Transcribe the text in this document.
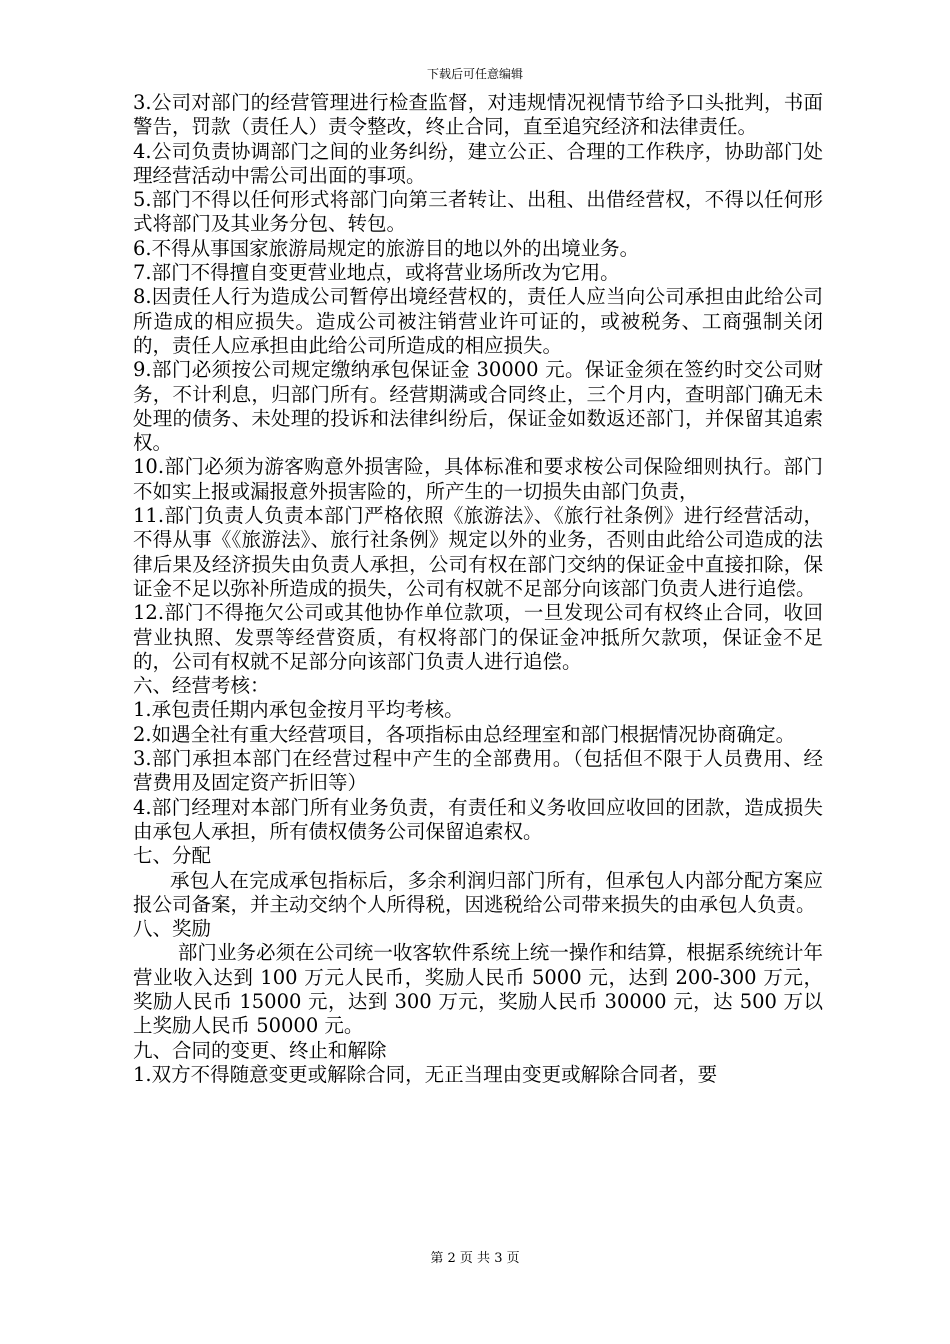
下载后可任意编辑

3.公司对部门的经营管理进行检查监督，对违规情况视情节给予口头批判，书面警告，罚款（责任人）责令整改，终止合同，直至追究经济和法律责任。

4.公司负责协调部门之间的业务纠纷，建立公正、合理的工作秩序，协助部门处理经营活动中需公司出面的事项。

5.部门不得以任何形式将部门向第三者转让、出租、出借经营权，不得以任何形式将部门及其业务分包、转包。

6.不得从事国家旅游局规定的旅游目的地以外的出境业务。

7.部门不得擅自变更营业地点，或将营业场所改为它用。

8.因责任人行为造成公司暂停出境经营权的，责任人应当向公司承担由此给公司所造成的相应损失。造成公司被注销营业许可证的，或被税务、工商强制关闭的，责任人应承担由此给公司所造成的相应损失。

9.部门必须按公司规定缴纳承包保证金 30000 元。保证金须在签约时交公司财务，不计利息，归部门所有。经营期满或合同终止，三个月内，查明部门确无未处理的债务、未处理的投诉和法律纠纷后，保证金如数返还部门，并保留其追索权。

10.部门必须为游客购意外损害险，具体标准和要求桉公司保险细则执行。部门不如实上报或漏报意外损害险的，所产生的一切损失由部门负责，

11.部门负责人负责本部门严格依照《旅游法》、《旅行社条例》进行经营活动，不得从事《《旅游法》、旅行社条例》规定以外的业务，否则由此给公司造成的法律后果及经济损失由负责人承担，公司有权在部门交纳的保证金中直接扣除，保证金不足以弥补所造成的损失，公司有权就不足部分向该部门负责人进行追偿。

12.部门不得拖欠公司或其他协作单位款项，一旦发现公司有权终止合同，收回营业执照、发票等经营资质，有权将部门的保证金冲抵所欠款项，保证金不足的，公司有权就不足部分向该部门负责人进行追偿。

六、经营考核：

1.承包责任期内承包金按月平均考核。

2.如遇全社有重大经营项目，各项指标由总经理室和部门根据情况协商确定。

3.部门承担本部门在经营过程中产生的全部费用。（包括但不限于人员费用、经营费用及固定资产折旧等）

4.部门经理对本部门所有业务负责，有责任和义务收回应收回的团款，造成损失由承包人承担，所有债权债务公司保留追索权。

七、分配

承包人在完成承包指标后，多余利润归部门所有，但承包人内部分配方案应报公司备案，并主动交纳个人所得税，因逃税给公司带来损失的由承包人负责。

八、奖励

部门业务必须在公司统一收客软件系统上统一操作和结算，根据系统统计年营业收入达到 100 万元人民币，奖励人民币 5000 元，达到 200-300 万元，奖励人民币 15000 元，达到 300 万元，奖励人民币 30000 元，达 500 万以上奖励人民币 50000 元。

九、合同的变更、终止和解除

1.双方不得随意变更或解除合同，无正当理由变更或解除合同者，要

第 2 页 共 3 页
